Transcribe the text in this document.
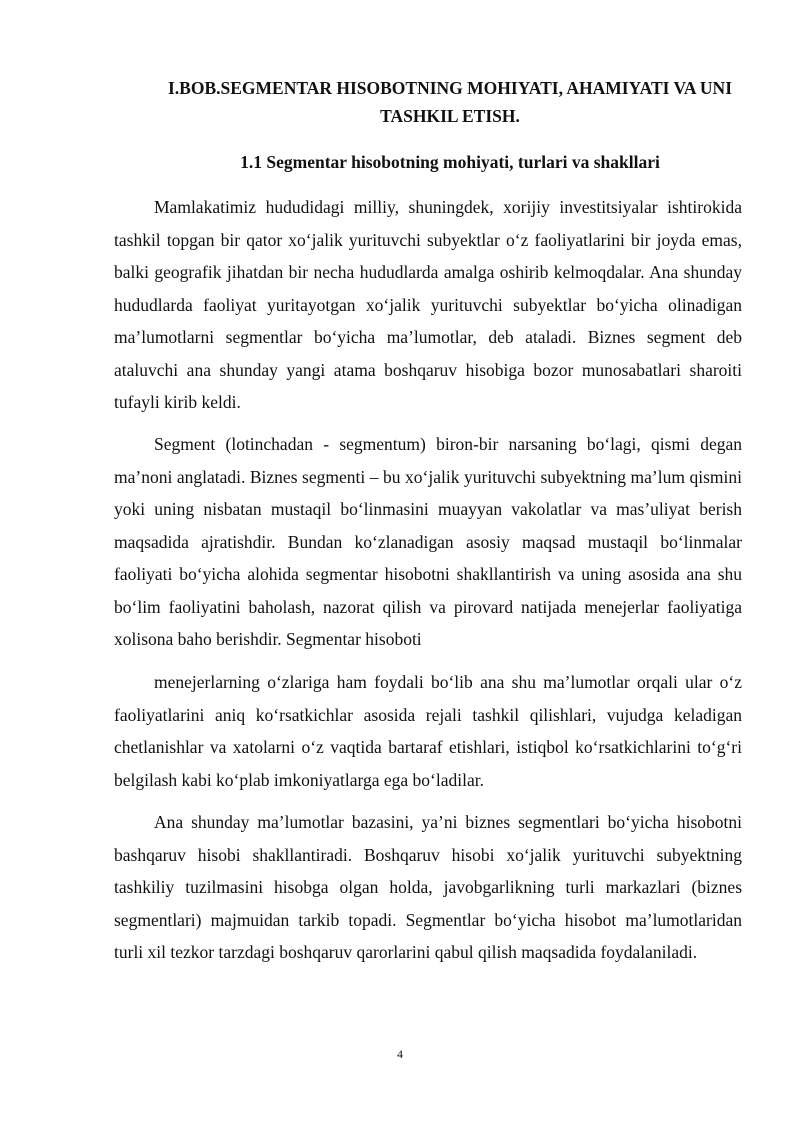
I.BOB.SEGMENTAR HISOBOTNING MOHIYATI, AHAMIYATI VA UNI TASHKIL ETISH.
1.1 Segmentar hisobotning mohiyati, turlari va shakllari

Mamlakatimiz hududidagi milliy, shuningdek, xorijiy investitsiyalar ishtirokida tashkil topgan bir qator xo‘jalik yurituvchi subyektlar o‘z faoliyatlarini bir joyda emas, balki geografik jihatdan bir necha hududlarda amalga oshirib kelmoqdalar. Ana shunday hududlarda faoliyat yuritayotgan xo‘jalik yurituvchi subyektlar bo‘yicha olinadigan ma’lumotlarni segmentlar bo‘yicha ma’lumotlar, deb ataladi. Biznes segment deb ataluvchi ana shunday yangi atama boshqaruv hisobiga bozor munosabatlari sharoiti tufayli kirib keldi.

Segment (lotinchadan - segmentum) biron-bir narsaning bo‘lagi, qismi degan ma’noni anglatadi. Biznes segmenti – bu xo‘jalik yurituvchi subyektning ma’lum qismini yoki uning nisbatan mustaqil bo‘linmasini muayyan vakolatlar va mas’uliyat berish maqsadida ajratishdir. Bundan ko‘zlanadigan asosiy maqsad mustaqil bo‘linmalar faoliyati bo‘yicha alohida segmentar hisobotni shakllantirish va uning asosida ana shu bo‘lim faoliyatini baholash, nazorat qilish va pirovard natijada menejerlar faoliyatiga xolisona baho berishdir. Segmentar hisoboti

menejerlarning o‘zlariga ham foydali bo‘lib ana shu ma’lumotlar orqali ular o‘z faoliyatlarini aniq ko‘rsatkichlar asosida rejali tashkil qilishlari, vujudga keladigan chetlanishlar va xatolarni o‘z vaqtida bartaraf etishlari, istiqbol ko‘rsatkichlarini to‘g‘ri belgilash kabi ko‘plab imkoniyatlarga ega bo‘ladilar.

Ana shunday ma’lumotlar bazasini, ya’ni biznes segmentlari bo‘yicha hisobotni bashqaruv hisobi shakllantiradi. Boshqaruv hisobi xo‘jalik yurituvchi subyektning tashkiliy tuzilmasini hisobga olgan holda, javobgarlikning turli markazlari (biznes segmentlari) majmuidan tarkib topadi. Segmentlar bo‘yicha hisobot ma’lumotlaridan turli xil tezkor tarzdagi boshqaruv qarorlarini qabul qilish maqsadida foydalaniladi.

4
